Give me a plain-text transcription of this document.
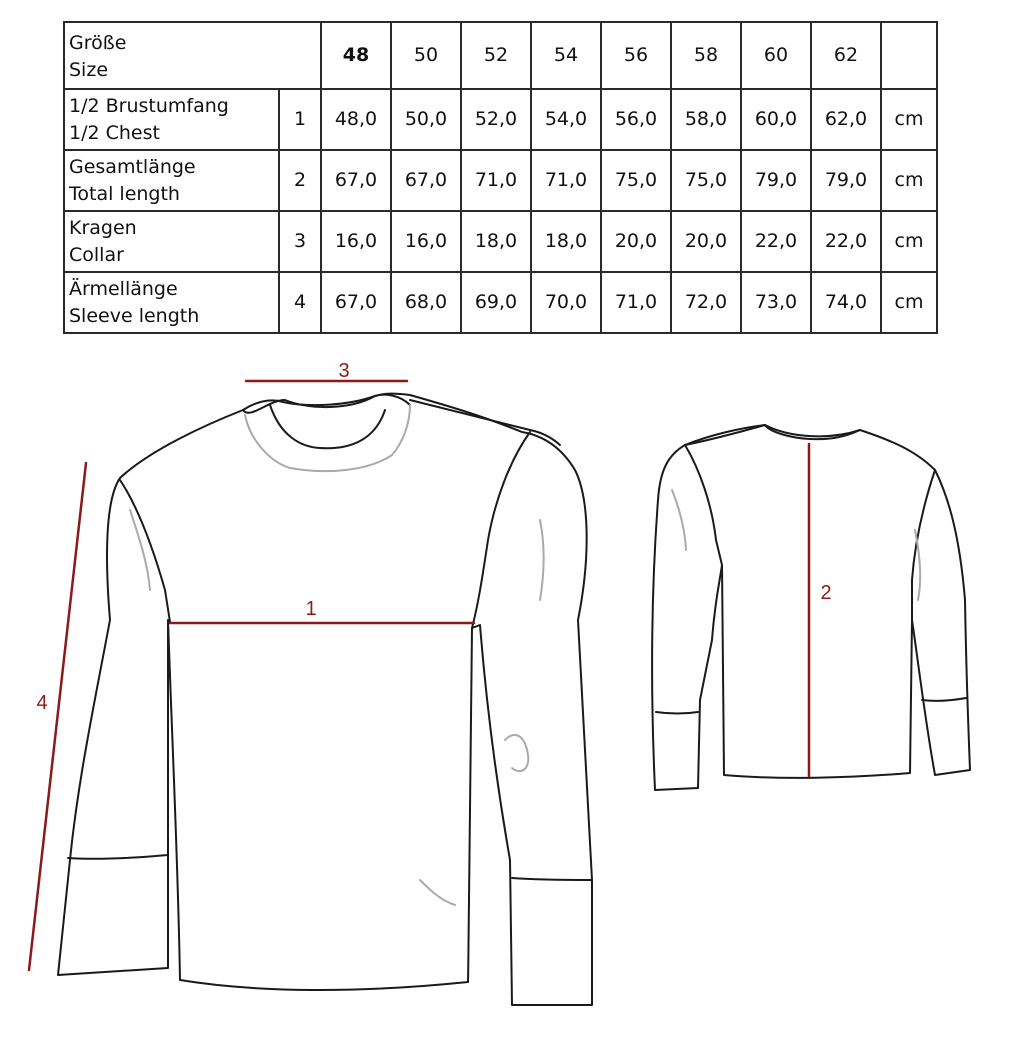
Größe
Size		48	50	52	54	56	58	60	62	

1/2 Brustumfang
1/2 Chest	1	48,0	50,0	52,0	54,0	56,0	58,0	60,0	62,0	cm

Gesamtlänge
Total length	2	67,0	67,0	71,0	71,0	75,0	75,0	79,0	79,0	cm

Kragen
Collar	3	16,0	16,0	18,0	18,0	20,0	20,0	22,0	22,0	cm

Ärmellänge
Sleeve length	4	67,0	68,0	69,0	70,0	71,0	72,0	73,0	74,0	cm
3
1
2
4
